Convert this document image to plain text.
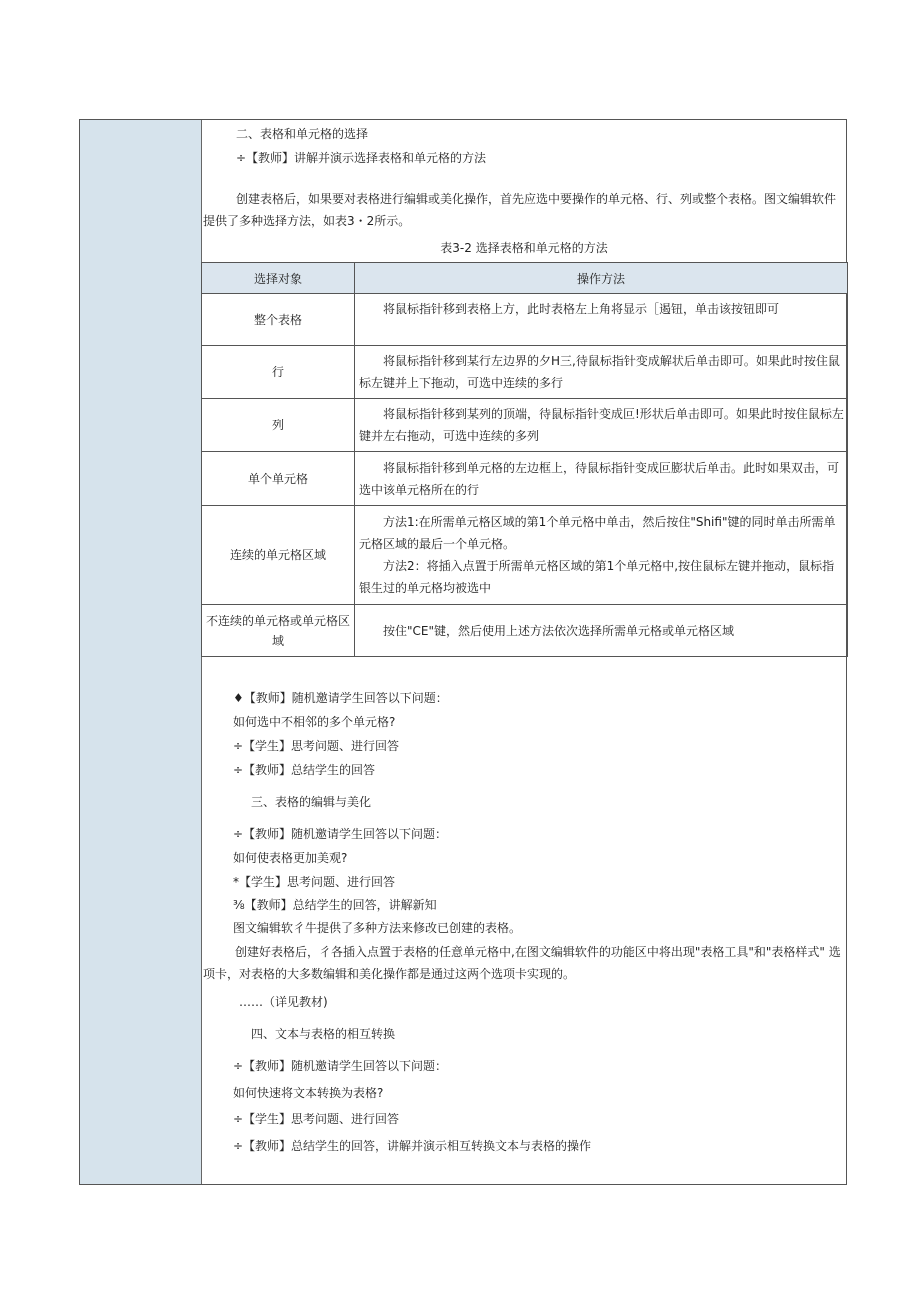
二、表格和单元格的选择
÷【教师】讲解并演示选择表格和单元格的方法
创建表格后，如果要对表格进行编辑或美化操作，首先应选中要操作的单元格、行、列或整个表格。图文编辑软件提供了多种选择方法，如表3・2所示。
表3-2 选择表格和单元格的方法
选择对象	操作方法
整个表格	将鼠标指针移到表格上方，此时表格左上角将显示［遏钮，单击该按钮即可
行	将鼠标指针移到某行左边界的夕H三,待鼠标指针变成解状后单击即可。如果此时按住鼠标左键并上下拖动，可选中连续的多行
列	将鼠标指针移到某列的顶端，待鼠标指针变成叵!形状后单击即可。如果此时按住鼠标左键并左右拖动，可选中连续的多列
单个单元格	将鼠标指针移到单元格的左边框上，待鼠标指针变成叵膨状后单击。此时如果双击，可选中该单元格所在的行
连续的单元格区域	方法1:在所需单元格区域的第1个单元格中单击，然后按住"Shifi"键的同时单击所需单元格区域的最后一个单元格。
方法2：将插入点置于所需单元格区域的第1个单元格中,按住鼠标左键并拖动，鼠标指银生过的单元格均被选中

不连续的单元格或单元格区域	按住"CE"键，然后使用上述方法依次选择所需单元格或单元格区域
♦【教师】随机邀请学生回答以下问题：
如何选中不相邻的多个单元格?
÷【学生】思考问题、进行回答
÷【教师】总结学生的回答
三、表格的编辑与美化
÷【教师】随机邀请学生回答以下问题：
如何使表格更加美观?
*【学生】思考问题、进行回答
⅜【教师】总结学生的回答，讲解新知
图文编辑软彳牛提供了多种方法来修改已创建的表格。
创建好表格后，彳各插入点置于表格的任意单元格中,在图文编辑软件的功能区中将出现"表格工具"和"表格样式" 选项卡，对表格的大多数编辑和美化操作都是通过这两个选项卡实现的。
……（详见教材)
四、文本与表格的相互转换
÷【教师】随机邀请学生回答以下问题：
如何快速将文本转换为表格?
÷【学生】思考问题、进行回答
÷【教师】总结学生的回答，讲解并演示相互转换文本与表格的操作
